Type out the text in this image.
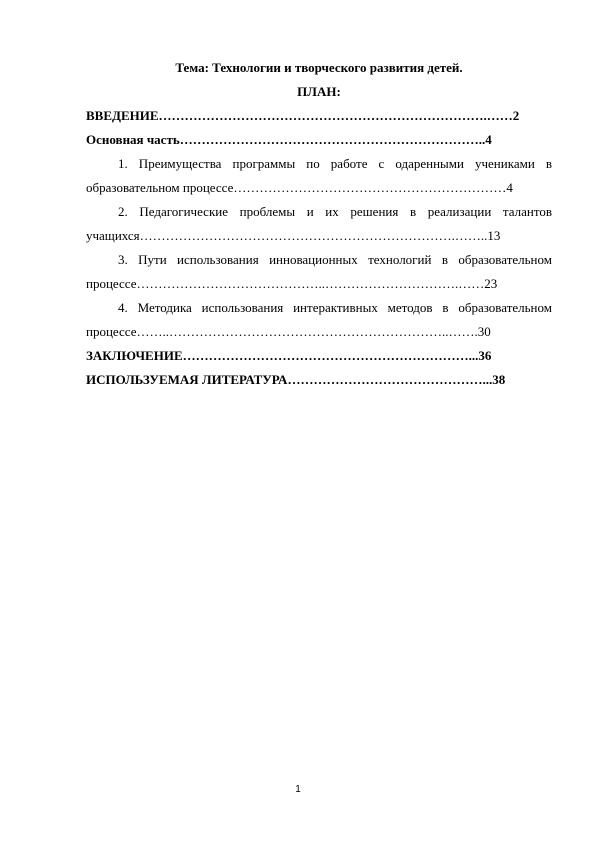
Тема: Технологии и творческого развития детей.
ПЛАН:
ВВЕДЕНИЕ………………………………………………………………….……2
Основная часть……………………………………………………………..4
1. Преимущества программы по работе с одаренными учениками в
образовательном процессе………………………………………………………4
2. Педагогические проблемы и их решения в реализации талантов
учащихся……………………………………………………………….……..13
3. Пути использования инновационных технологий в образовательном
процессе……………………………………..………………………….……23
4. Методика использования интерактивных методов в образовательном
процессе……..………………………………………………………..…….30
ЗАКЛЮЧЕНИЕ…………………………………………………………...36
ИСПОЛЬЗУЕМАЯ ЛИТЕРАТУРА………………………………………...38
1
